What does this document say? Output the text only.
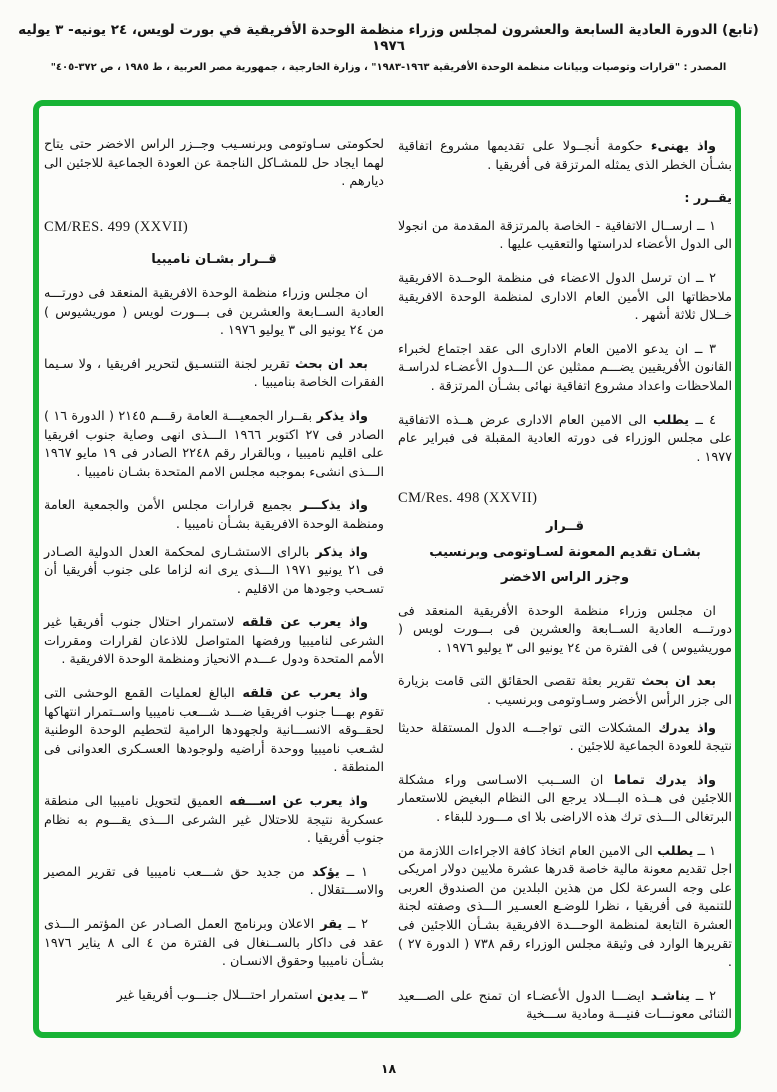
(تابع) الدورة العادية السابعة والعشرون لمجلس وزراء منظمة الوحدة الأفريقية في بورت لويس، ٢٤ يونيه- ٣ يوليه ١٩٧٦
المصدر : "قرارات وتوصيات وبيانات منظمة الوحدة الأفريقية ١٩٦٣-١٩٨٣" ، وزارة الخارجية ، جمهورية مصر العربية ، ط ١٩٨٥ ، ص ٣٧٢-٤٠٥"

واذ يهنىء حكومة أنجــولا على تقديمها مشروع اتفاقية بشـأن الخطر الذى يمثله المرتزقة فى أفريقيا .

يقــرر :

١ ــ ارســال الاتفاقية - الخاصة بالمرتزقة المقدمة من انجولا الى الدول الأعضاء لدراستها والتعقيب عليها .

٢ ــ ان ترسل الدول الاعضاء فى منظمة الوحــدة الافريقية ملاحظاتها الى الأمين العام الادارى لمنظمة الوحدة الافريقية خــلال ثلاثة أشهر .

٣ ــ ان يدعو الامين العام الادارى الى عقد اجتماع لخبراء القانون الأفريقيين يضـــم ممثلين عن الـــدول الأعضـاء لدراسـة الملاحظات واعداد مشروع اتفاقية نهائى بشـأن المرتزقة .

٤ ــ يطلب الى الامين العام الادارى عرض هــذه الاتفاقية على مجلس الوزراء فى دورته العادية المقبلة فى فبراير عام ١٩٧٧ .

CM/Res. 498 (XXVII)

قــرار

بشـان تقديم المعونة لسـاوتومى وبرنسيب

وجزر الراس الاخضر

ان مجلس وزراء منظمة الوحدة الأفريقية المنعقد فى دورتـــه العادية الســابعة والعشرين فى بـــورت لويس ( موريشيوس ) فى الفترة من ٢٤ يونيو الى ٣ يوليو ١٩٧٦ .

بعد ان بحث تقرير بعثة تقصى الحقائق التى قامت بزيارة الى جزر الرأس الأخضر وسـاوتومى وبرنسيب .

واذ يدرك المشكلات التى تواجـــه الدول المستقلة حديثا نتيجة للعودة الجماعية للاجئين .

واذ يدرك تماما ان الســبب الاسـاسى وراء مشكلة اللاجئين فى هــذه البـــلاد يرجع الى النظام البغيض للاستعمار البرتغالى الـــذى ترك هذه الاراضى بلا اى مـــورد للبقاء .

١ ــ يطلب الى الامين العام اتخاذ كافة الاجراءات اللازمة من اجل تقديم معونة مالية خاصة قدرها عشرة ملايين دولار امريكى على وجه السرعة لكل من هذين البلدين من الصندوق العربى للتنمية فى أفريقيا ، نظرا للوضـع العسـير الـــذى وصفته لجنة العشرة التابعة لمنظمة الوحـــدة الافريقية بشـأن اللاجئين فى تقريرها الوارد فى وثيقة مجلس الوزراء رقم ٧٣٨ ( الدورة ٢٧ ) .

٢ ــ يناشـد ايضـــا الدول الأعضـاء ان تمنح على الصـــعيد الثنائى معونـــات فنيـــة ومادية ســـخية

لحكومتى سـاوتومى وبرنسـيب وجــزر الراس الاخضر حتى يتاح لهما ايجاد حل للمشـاكل الناجمة عن العودة الجماعية للاجئين الى ديارهم .

CM/RES. 499 (XXVII)

قــرار بشـان ناميبيا

ان مجلس وزراء منظمة الوحدة الافريقية المنعقد فى دورتـــه العادية الســابعة والعشرين فى بـــورت لويس ( موريشيوس ) من ٢٤ يونيو الى ٣ يوليو ١٩٧٦ .

بعد ان بحث تقرير لجنة التنسـيق لتحرير افريقيا ، ولا سـيما الفقرات الخاصة بناميبيا .

واذ يذكر بقــرار الجمعيـــة العامة رقـــم ٢١٤٥ ( الدورة ١٦ ) الصادر فى ٢٧ اكتوبر ١٩٦٦ الـــذى انهى وصاية جنوب افريقيا على اقليم ناميبيا ، وبالقرار رقم ٢٢٤٨ الصادر فى ١٩ مايو ١٩٦٧ الـــذى انشىء بموجبه مجلس الامم المتحدة بشـان ناميبيا .

واذ يذكـــر بجميع قرارات مجلس الأمن والجمعية العامة ومنظمة الوحدة الافريقية بشـأن ناميبيا .

واذ يذكر بالراى الاستشـارى لمحكمة العدل الدولية الصـادر فى ٢١ يونيو ١٩٧١ الـــذى يرى انه لزاما على جنوب أفريقيا أن تسـحب وجودها من الاقليم .

واذ يعرب عن قلقه لاستمرار احتلال جنوب أفريقيا غير الشرعى لناميبيا ورفضها المتواصل للاذعان لقرارات ومقررات الأمم المتحدة ودول عـــدم الانحياز ومنظمة الوحدة الافريقية .

واذ يعرب عن قلقه البالغ لعمليات القمع الوحشى التى تقوم بهـــا جنوب افريقيا ضـــد شـــعب ناميبيا واســتمرار انتهاكها لحقــوقه الانســـانية ولجهودها الرامية لتحطيم الوحدة الوطنية لشـعب ناميبيا ووحدة أراضيه ولوجودها العسـكرى العدوانى فى المنطقة .

واذ يعرب عن اســـفه العميق لتحويل ناميبيا الى منطقة عسكرية نتيجة للاحتلال غير الشرعى الـــذى يقـــوم به نظام جنوب أفريقيا .

١ ــ يؤكد من جديد حق شـــعب ناميبيا فى تقرير المصير والاســـتقلال .

٢ ــ يقر الاعلان وبرنامج العمل الصـادر عن المؤتمر الـــذى عقد فى داكار بالســنغال فى الفترة من ٤ الى ٨ يناير ١٩٧٦ بشـأن ناميبيا وحقوق الانسـان .

٣ ــ يدين استمرار احتـــلال جنـــوب أفريقيا غير

١٨
